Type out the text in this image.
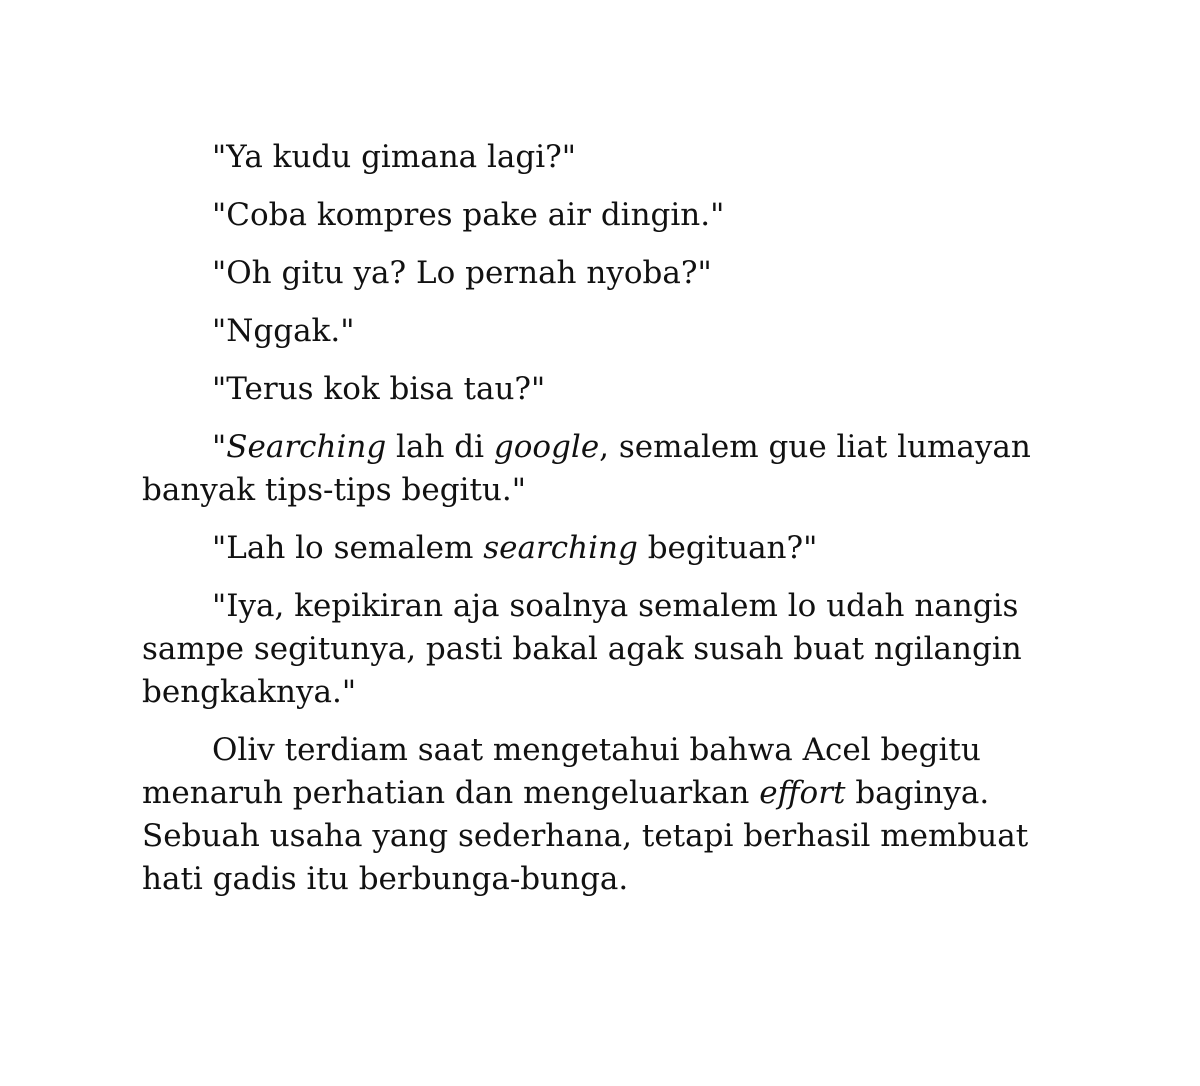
"Ya kudu gimana lagi?"

"Coba kompres pake air dingin."

"Oh gitu ya? Lo pernah nyoba?"

"Nggak."

"Terus kok bisa tau?"

"Searching lah di google, semalem gue liat lumayan banyak tips-tips begitu."

"Lah lo semalem searching begituan?"

"Iya, kepikiran aja soalnya semalem lo udah nangis sampe segitunya, pasti bakal agak susah buat ngilangin bengkaknya."

Oliv terdiam saat mengetahui bahwa Acel begitu menaruh perhatian dan mengeluarkan effort baginya. Sebuah usaha yang sederhana, tetapi berhasil membuat hati gadis itu berbunga-bunga.
